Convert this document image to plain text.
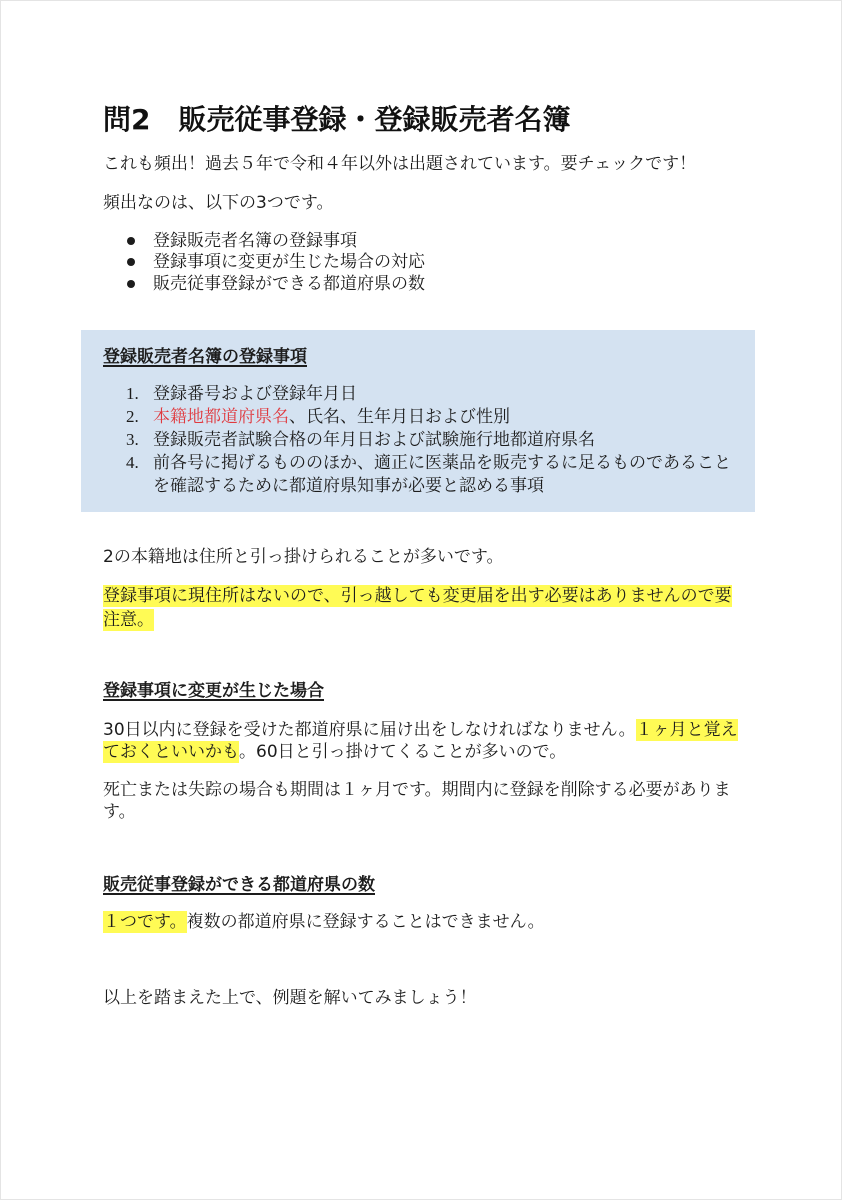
問2　販売従事登録・登録販売者名簿
これも頻出！過去５年で令和４年以外は出題されています。要チェックです！
頻出なのは、以下の3つです。
登録販売者名簿の登録事項
登録事項に変更が生じた場合の対応
販売従事登録ができる都道府県の数
登録販売者名簿の登録事項
1. 登録番号および登録年月日
2. 本籍地都道府県名、氏名、生年月日および性別
3. 登録販売者試験合格の年月日および試験施行地都道府県名
4. 前各号に掲げるもののほか、適正に医薬品を販売するに足るものであること
を確認するために都道府県知事が必要と認める事項
2の本籍地は住所と引っ掛けられることが多いです。
登録事項に現住所はないので、引っ越しても変更届を出す必要はありませんので要
注意。
登録事項に変更が生じた場合
30日以内に登録を受けた都道府県に届け出をしなければなりません。１ヶ月と覚え
ておくといいかも。60日と引っ掛けてくることが多いので。
死亡または失踪の場合も期間は１ヶ月です。期間内に登録を削除する必要がありま
す。
販売従事登録ができる都道府県の数
１つです。複数の都道府県に登録することはできません。
以上を踏まえた上で、例題を解いてみましょう！
